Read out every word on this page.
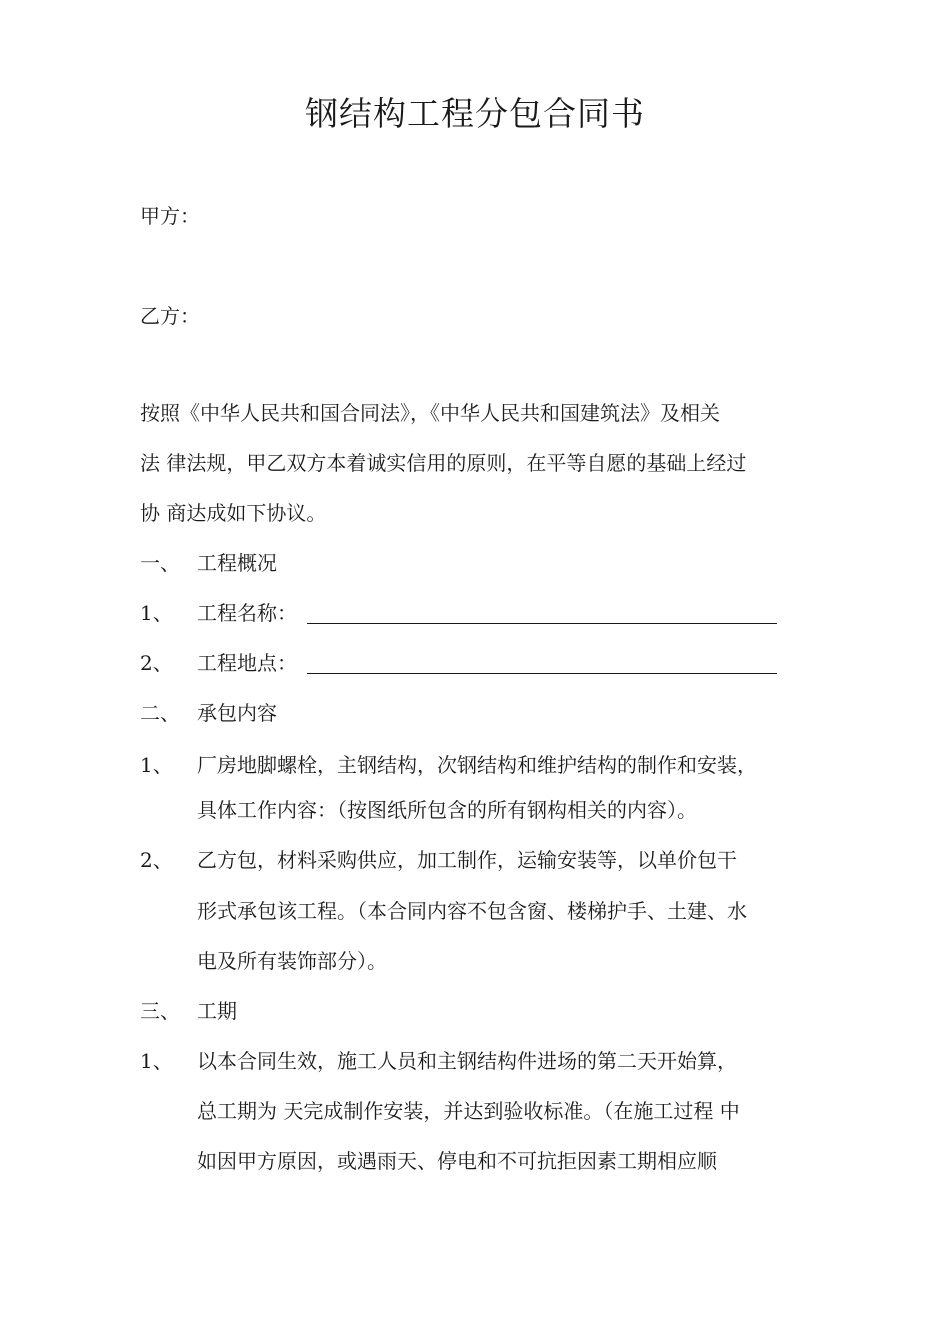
钢结构工程分包合同书
甲方：
乙方：
按照《中华人民共和国合同法》，《中华人民共和国建筑法》及相关
法 律法规，甲乙双方本着诚实信用的原则，在平等自愿的基础上经过
协 商达成如下协议。
一、 工程概况
1、 工程名称：
2、 工程地点：
二、 承包内容
1、 厂房地脚螺栓，主钢结构，次钢结构和维护结构的制作和安装，
具体工作内容：（按图纸所包含的所有钢构相关的内容）。
2、 乙方包，材料采购供应，加工制作，运输安装等，以单价包干
形式承包该工程。（本合同内容不包含窗、楼梯护手、土建、水
电及所有装饰部分）。
三、 工期
1、 以本合同生效，施工人员和主钢结构件进场的第二天开始算，
总工期为 天完成制作安装，并达到验收标准。（在施工过程 中
如因甲方原因，或遇雨天、停电和不可抗拒因素工期相应顺
